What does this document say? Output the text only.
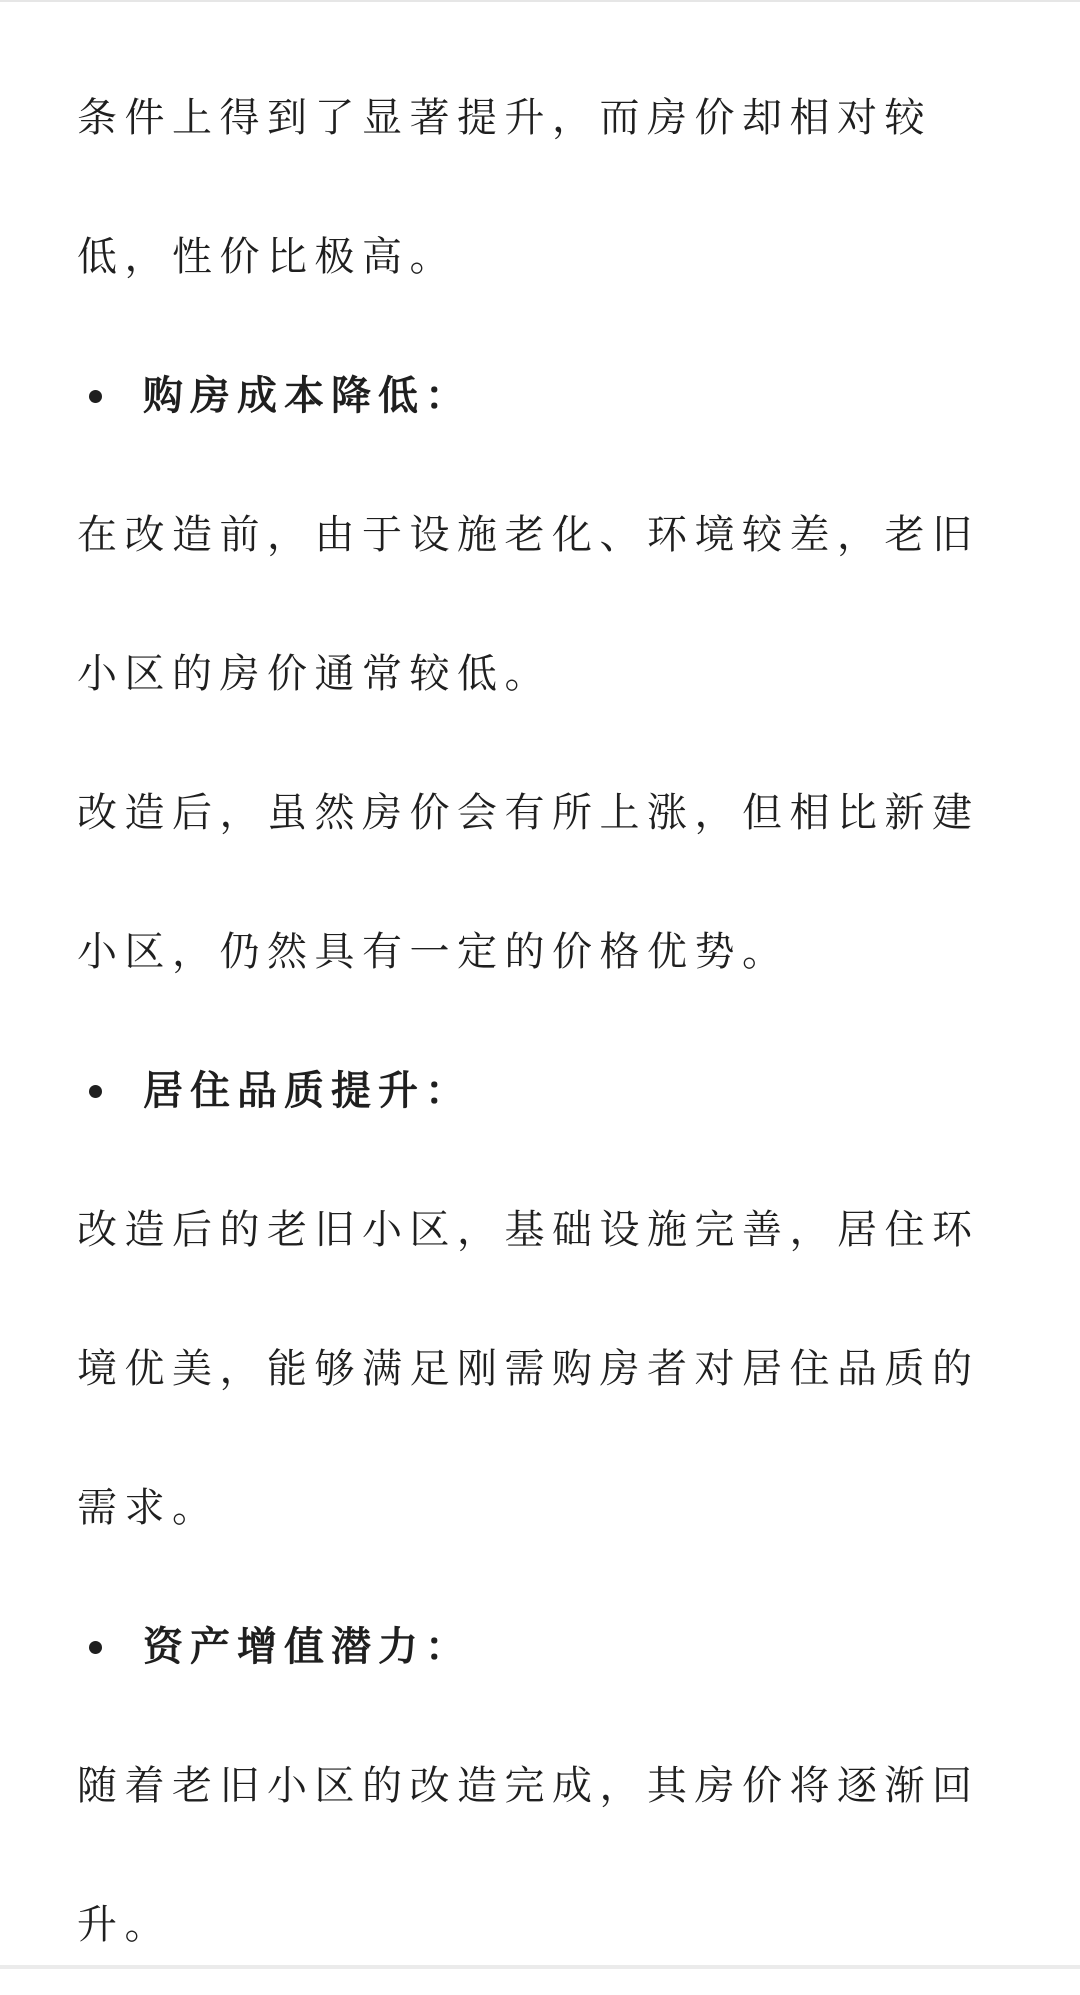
条件上得到了显著提升，而房价却相对较

低，性价比极高。

购房成本降低：

在改造前，由于设施老化、环境较差，老旧

小区的房价通常较低。

改造后，虽然房价会有所上涨，但相比新建

小区，仍然具有一定的价格优势。

居住品质提升：

改造后的老旧小区，基础设施完善，居住环

境优美，能够满足刚需购房者对居住品质的

需求。

资产增值潜力：

随着老旧小区的改造完成，其房价将逐渐回

升。
